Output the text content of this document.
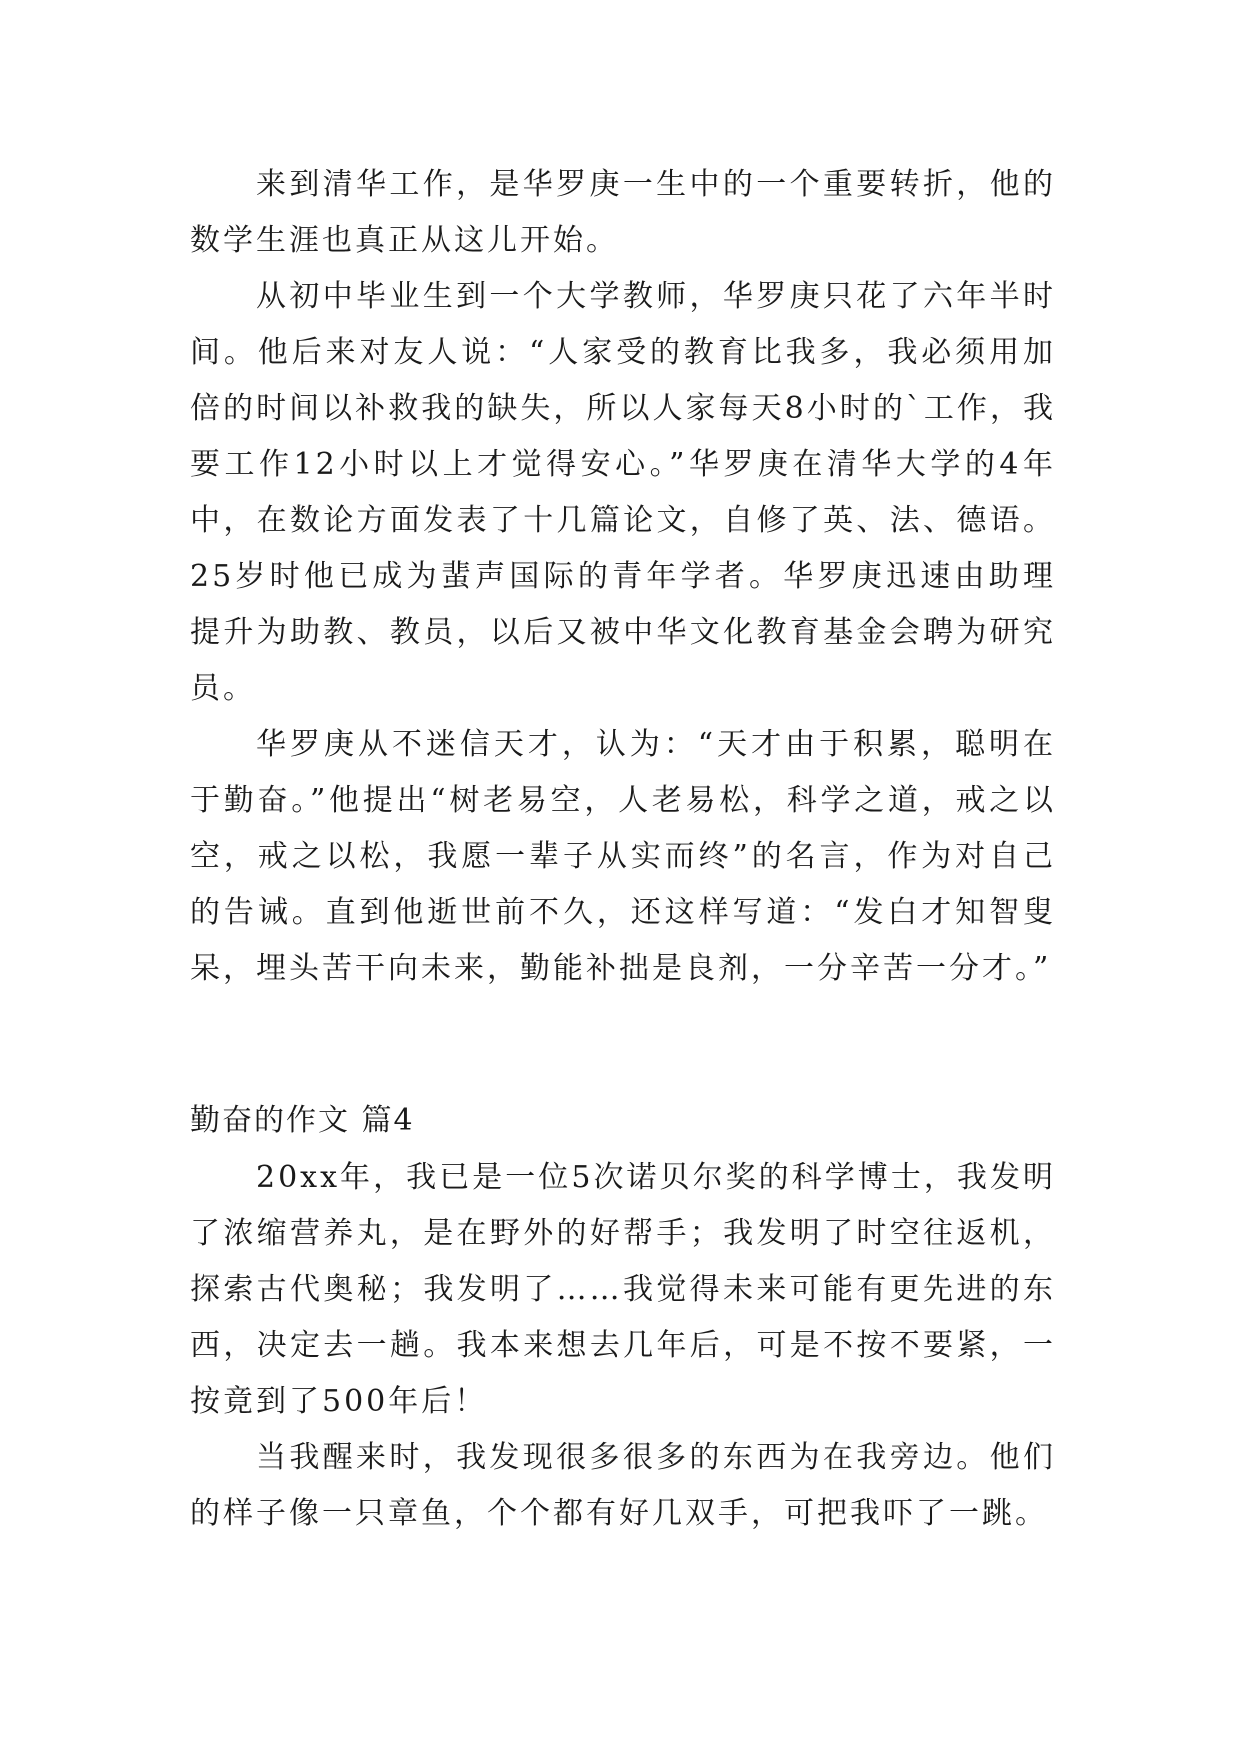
来到清华工作，是华罗庚一生中的一个重要转折，他的数学生涯也真正从这儿开始。

从初中毕业生到一个大学教师，华罗庚只花了六年半时间。他后来对友人说：“人家受的教育比我多，我必须用加倍的时间以补救我的缺失，所以人家每天8小时的`工作，我要工作12小时以上才觉得安心。”华罗庚在清华大学的4年中，在数论方面发表了十几篇论文，自修了英、法、德语。25岁时他已成为蜚声国际的青年学者。华罗庚迅速由助理提升为助教、教员，以后又被中华文化教育基金会聘为研究员。

华罗庚从不迷信天才，认为：“天才由于积累，聪明在于勤奋。”他提出“树老易空，人老易松，科学之道，戒之以空，戒之以松，我愿一辈子从实而终”的名言，作为对自己的告诫。直到他逝世前不久，还这样写道：“发白才知智叟呆，埋头苦干向未来，勤能补拙是良剂，一分辛苦一分才。”

勤奋的作文 篇4

20xx年，我已是一位5次诺贝尔奖的科学博士，我发明了浓缩营养丸，是在野外的好帮手；我发明了时空往返机，探索古代奥秘；我发明了……我觉得未来可能有更先进的东西，决定去一趟。我本来想去几年后，可是不按不要紧，一按竟到了500年后！

当我醒来时，我发现很多很多的东西为在我旁边。他们的样子像一只章鱼，个个都有好几双手，可把我吓了一跳。
